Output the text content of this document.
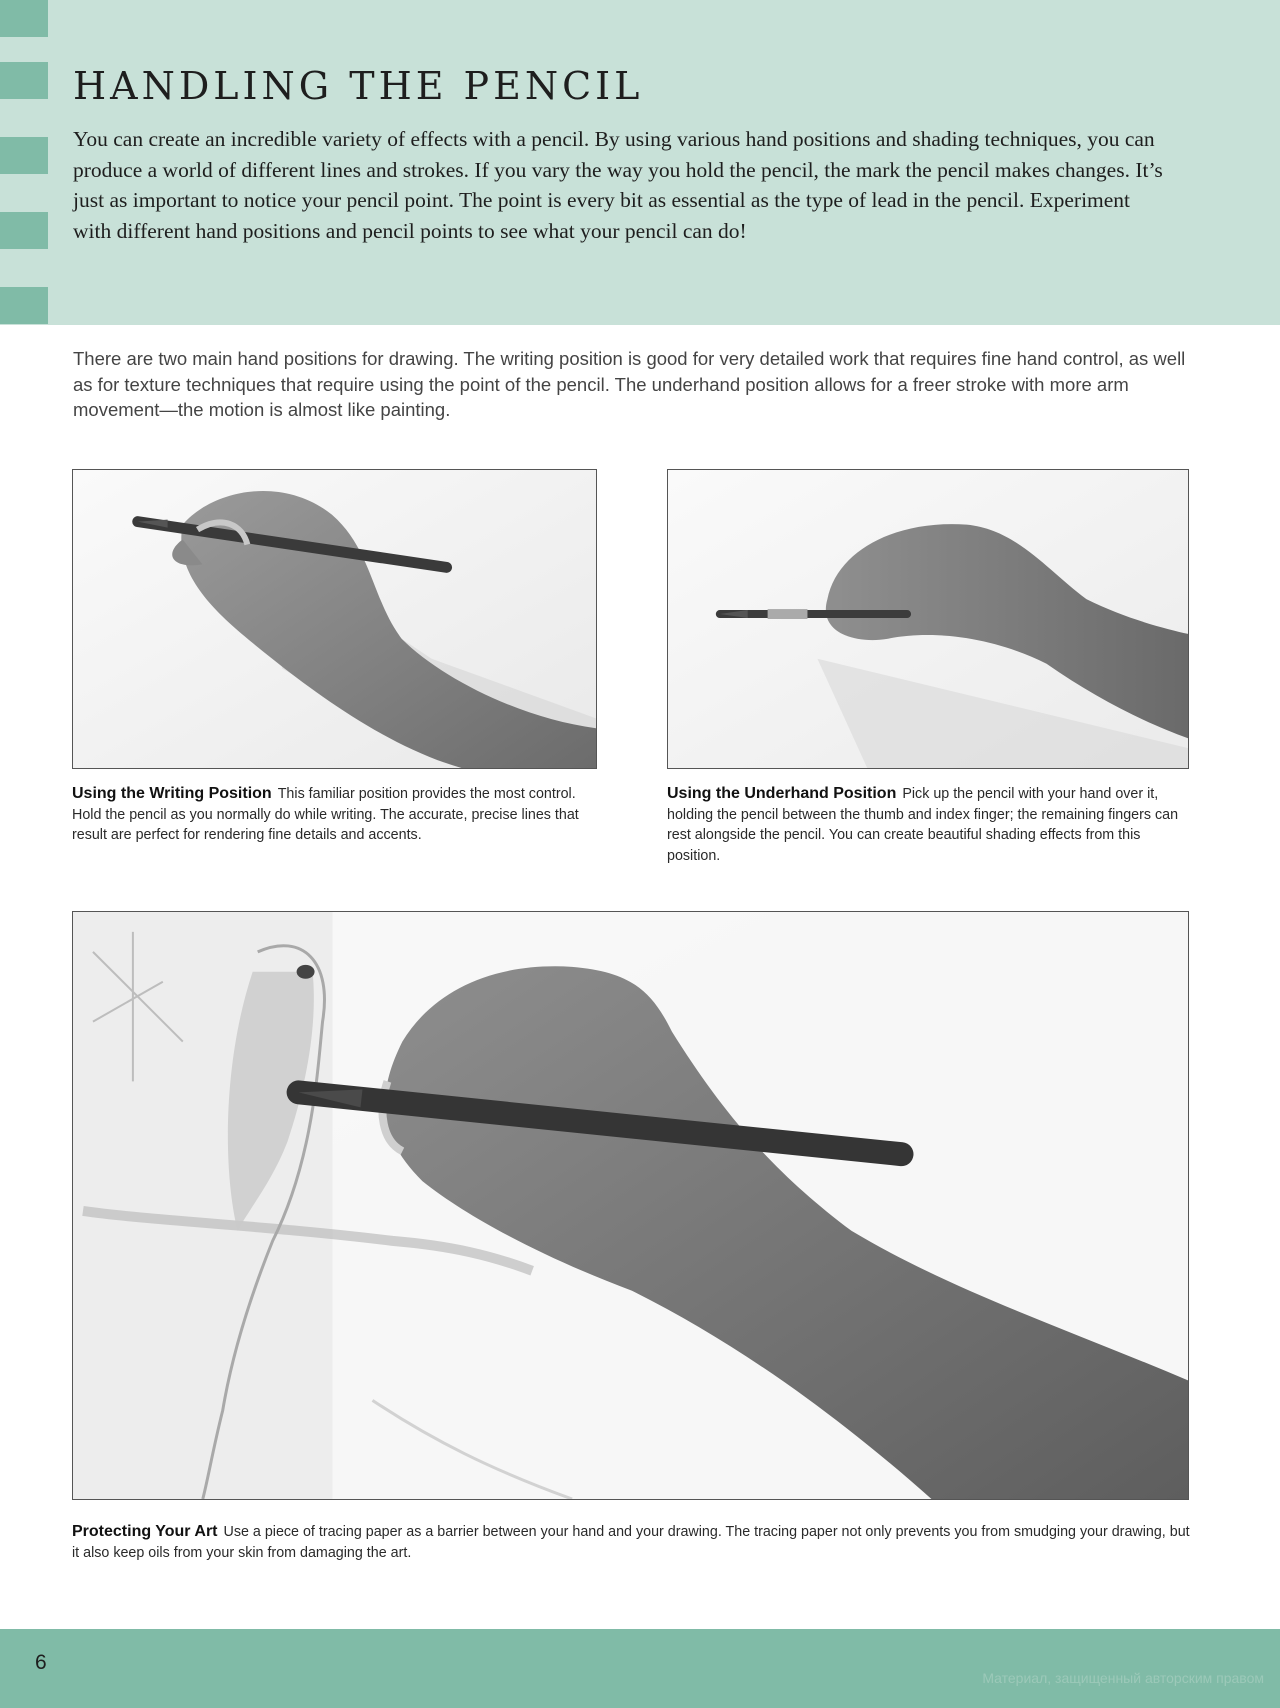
HANDLING THE PENCIL

You can create an incredible variety of effects with a pencil. By using various hand positions and shading techniques, you can produce a world of different lines and strokes. If you vary the way you hold the pencil, the mark the pencil makes changes. It’s just as important to notice your pencil point. The point is every bit as essential as the type of lead in the pencil. Experiment with different hand positions and pencil points to see what your pencil can do!

There are two main hand positions for drawing. The writing position is good for very detailed work that requires fine hand control, as well as for texture techniques that require using the point of the pencil. The underhand position allows for a freer stroke with more arm movement—the motion is almost like painting.

Using the Writing Position This familiar position provides the most control. Hold the pencil as you normally do while writing. The accurate, precise lines that result are perfect for rendering fine details and accents.

Using the Underhand Position Pick up the pencil with your hand over it, holding the pencil between the thumb and index finger; the remaining fingers can rest alongside the pencil. You can create beautiful shading effects from this position.

Protecting Your Art Use a piece of tracing paper as a barrier between your hand and your drawing. The tracing paper not only prevents you from smudging your drawing, but it also keep oils from your skin from damaging the art.

6
Материал, защищенный авторским правом
